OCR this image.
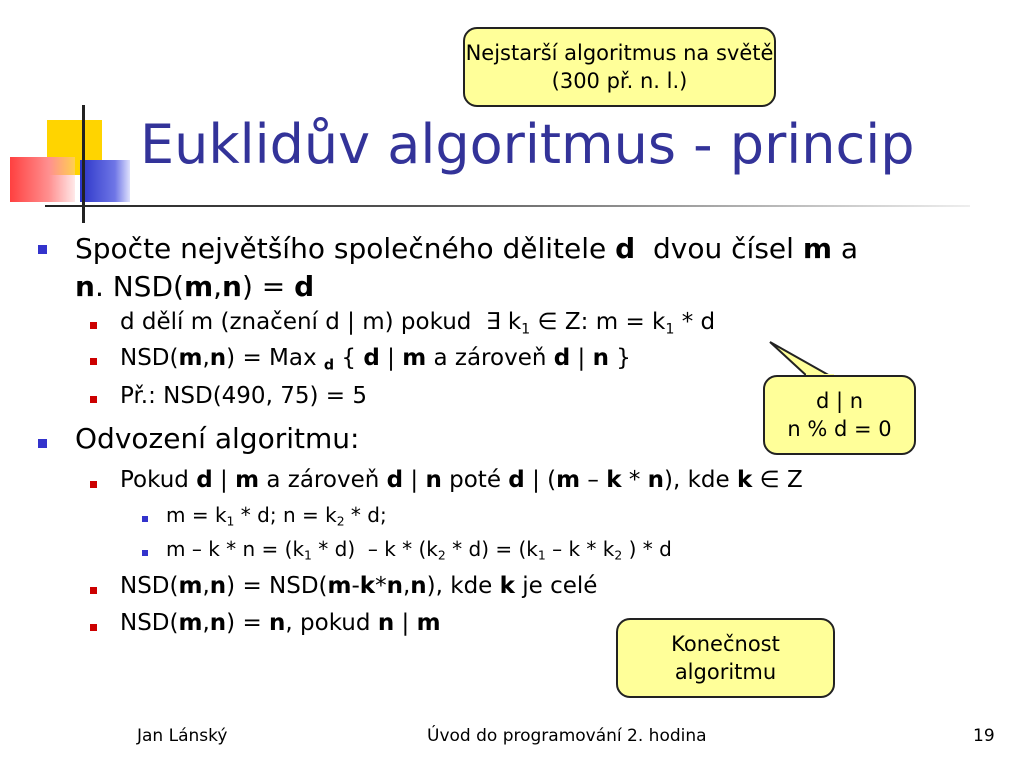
Euklidův algoritmus - princip
Nejstarší algoritmus na světě (300 př. n. l.)
d | n
n % d = 0
Konečnost
algoritmu
Spočte největšího společného dělitele d  dvou čísel m a
n. NSD(m,n) = d
d dělí m (značení d | m) pokud  ∃ $k_1$ ∈ Z: $m = k_1 * d$
NSD(m,n) = Max $_d$ { d | m a zároveň d | n }
Př.: NSD(490, 75) = 5
Odvození algoritmu:
Pokud d | m a zároveň d | n poté d | (m – k * n), kde k ∈ Z
$m = k_1 * d$; $n = k_2 * d$;
$m - k * n = (k_1 * d) - k * (k_2 * d) = (k_1 - k * k_2$ ) * d
NSD(m,n) = NSD(m-k*n,n), kde k je celé
NSD(m,n) = n, pokud n | m
Jan Lánský	Úvod do programování 2. hodina	19
